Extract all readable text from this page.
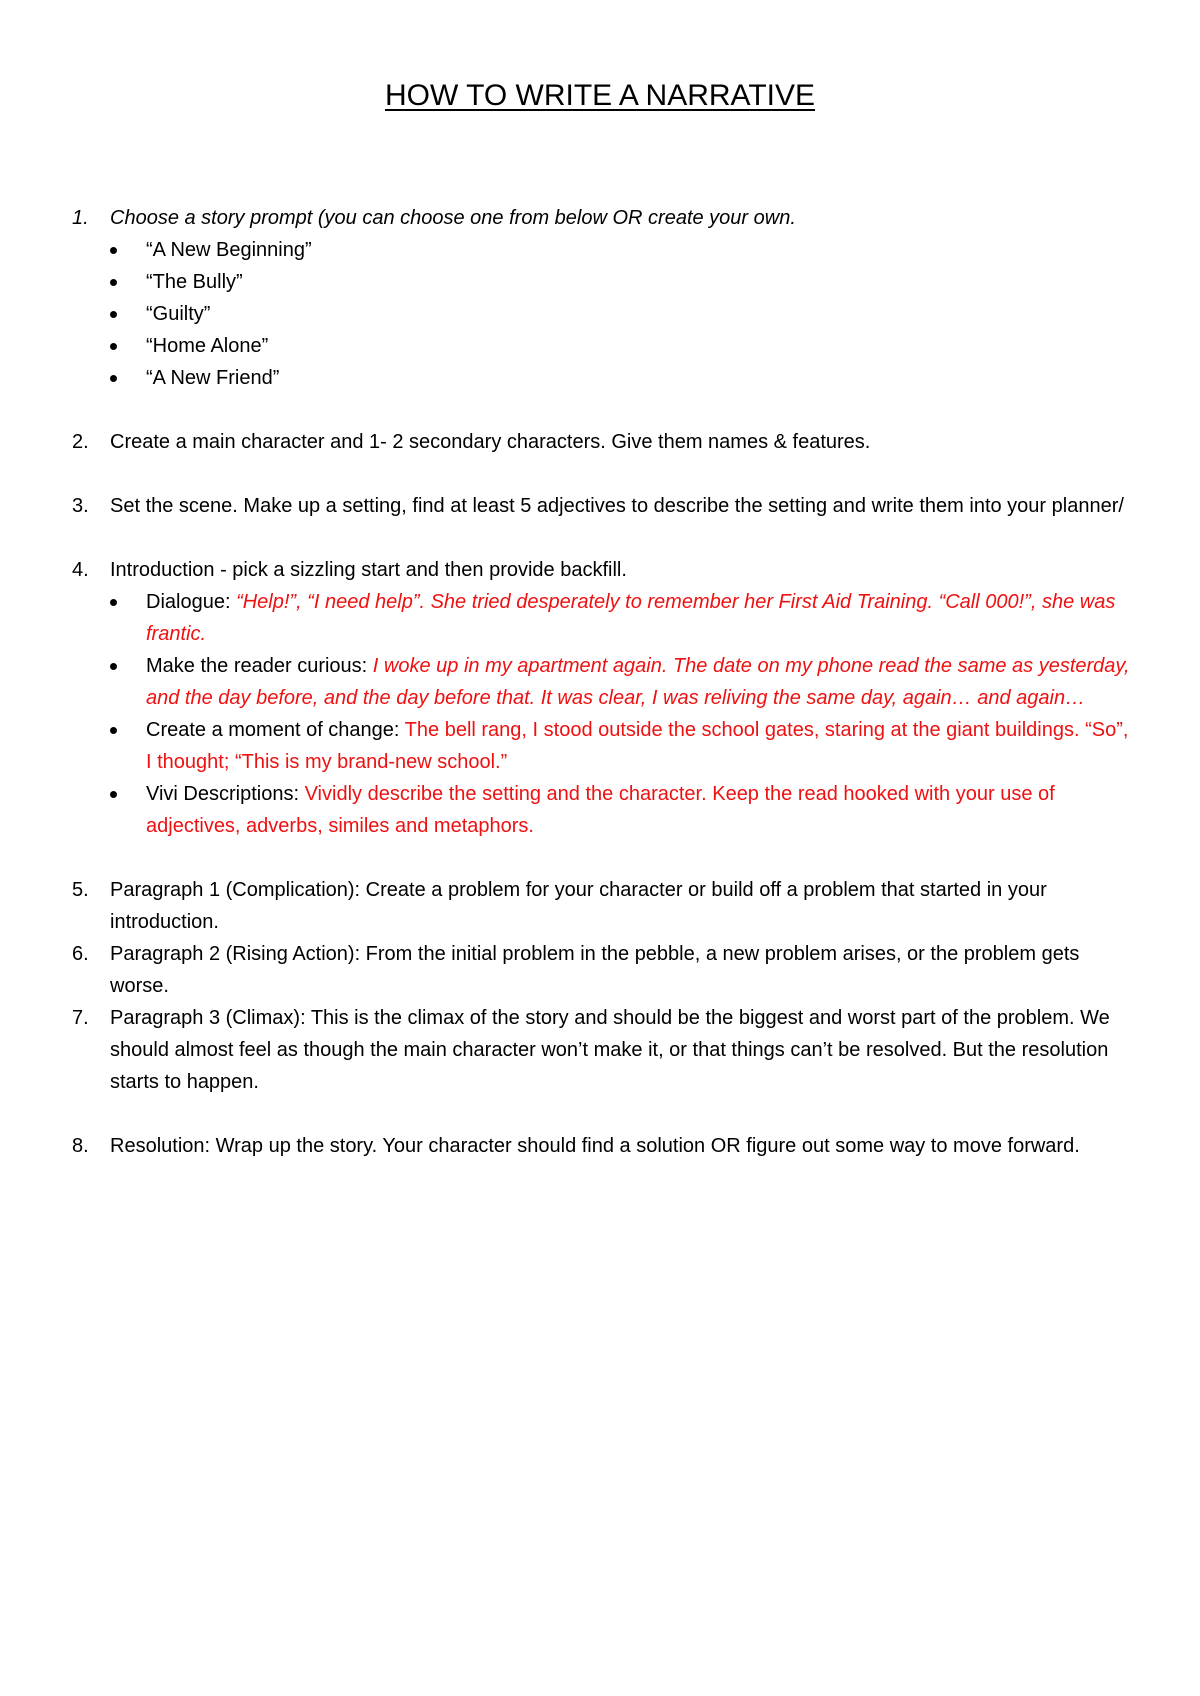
HOW TO WRITE A NARRATIVE
1. Choose a story prompt (you can choose one from below OR create your own.
“A New Beginning”
“The Bully”
“Guilty”
“Home Alone”
“A New Friend”
2. Create a main character and 1- 2 secondary characters. Give them names & features.
3. Set the scene. Make up a setting, find at least 5 adjectives to describe the setting and write them into your planner/
4. Introduction - pick a sizzling start and then provide backfill.
Dialogue: “Help!”, “I need help”. She tried desperately to remember her First Aid Training. “Call 000!”, she was frantic.
Make the reader curious: I woke up in my apartment again. The date on my phone read the same as yesterday, and the day before, and the day before that. It was clear, I was reliving the same day, again… and again…
Create a moment of change: The bell rang, I stood outside the school gates, staring at the giant buildings. “So”, I thought; “This is my brand-new school.”
Vivi Descriptions: Vividly describe the setting and the character. Keep the read hooked with your use of adjectives, adverbs, similes and metaphors.
5. Paragraph 1 (Complication): Create a problem for your character or build off a problem that started in your introduction.
6. Paragraph 2 (Rising Action): From the initial problem in the pebble, a new problem arises, or the problem gets worse.
7. Paragraph 3 (Climax): This is the climax of the story and should be the biggest and worst part of the problem. We should almost feel as though the main character won’t make it, or that things can’t be resolved. But the resolution starts to happen.
8. Resolution: Wrap up the story. Your character should find a solution OR figure out some way to move forward.
